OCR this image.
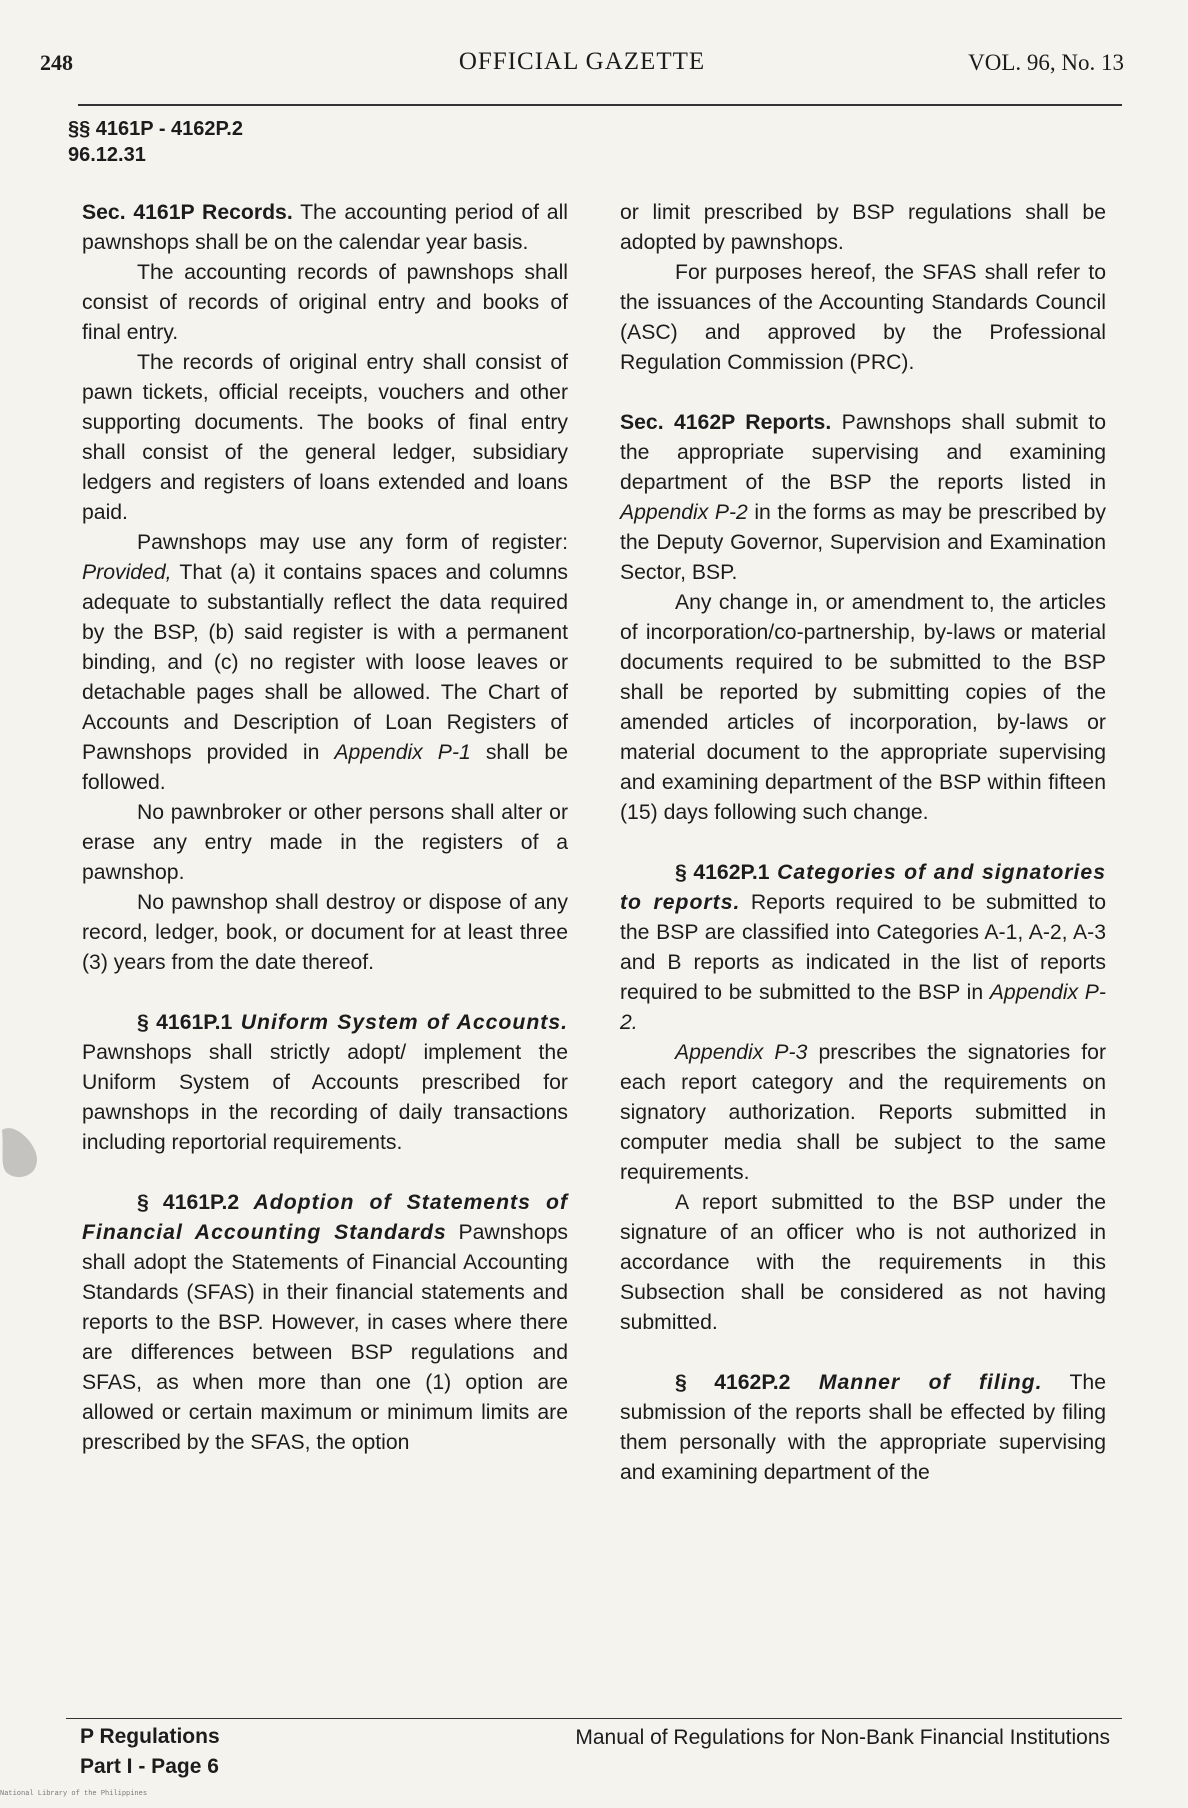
248	OFFICIAL GAZETTE	VOL. 96, No. 13
§§ 4161P - 4162P.2
96.12.31

Sec. 4161P Records. The accounting period of all pawnshops shall be on the calendar year basis.

The accounting records of pawnshops shall consist of records of original entry and books of final entry.

The records of original entry shall consist of pawn tickets, official receipts, vouchers and other supporting documents. The books of final entry shall consist of the general ledger, subsidiary ledgers and registers of loans extended and loans paid.

Pawnshops may use any form of register: Provided, That (a) it contains spaces and columns adequate to substantially reflect the data required by the BSP, (b) said register is with a permanent binding, and (c) no register with loose leaves or detachable pages shall be allowed. The Chart of Accounts and Description of Loan Registers of Pawnshops provided in Appendix P-1 shall be followed.

No pawnbroker or other persons shall alter or erase any entry made in the registers of a pawnshop.

No pawnshop shall destroy or dispose of any record, ledger, book, or document for at least three (3) years from the date thereof.

§ 4161P.1 Uniform System of Accounts. Pawnshops shall strictly adopt/ implement the Uniform System of Accounts prescribed for pawnshops in the recording of daily transactions including reportorial requirements.

§ 4161P.2 Adoption of Statements of Financial Accounting Standards Pawnshops shall adopt the Statements of Financial Accounting Standards (SFAS) in their financial statements and reports to the BSP. However, in cases where there are differences between BSP regulations and SFAS, as when more than one (1) option are allowed or certain maximum or minimum limits are prescribed by the SFAS, the option

or limit prescribed by BSP regulations shall be adopted by pawnshops.

For purposes hereof, the SFAS shall refer to the issuances of the Accounting Standards Council (ASC) and approved by the Professional Regulation Commission (PRC).

Sec. 4162P Reports. Pawnshops shall submit to the appropriate supervising and examining department of the BSP the reports listed in Appendix P-2 in the forms as may be prescribed by the Deputy Governor, Supervision and Examination Sector, BSP.

Any change in, or amendment to, the articles of incorporation/co-partnership, by-laws or material documents required to be submitted to the BSP shall be reported by submitting copies of the amended articles of incorporation, by-laws or material document to the appropriate supervising and examining department of the BSP within fifteen (15) days following such change.

§ 4162P.1 Categories of and signatories to reports. Reports required to be submitted to the BSP are classified into Categories A-1, A-2, A-3 and B reports as indicated in the list of reports required to be submitted to the BSP in Appendix P-2.

Appendix P-3 prescribes the signatories for each report category and the requirements on signatory authorization. Reports submitted in computer media shall be subject to the same requirements.

A report submitted to the BSP under the signature of an officer who is not authorized in accordance with the requirements in this Subsection shall be considered as not having submitted.

§ 4162P.2 Manner of filing. The submission of the reports shall be effected by filing them personally with the appropriate supervising and examining department of the

P Regulations
Part I - Page 6
Manual of Regulations for Non-Bank Financial Institutions
National Library of the Philippines
